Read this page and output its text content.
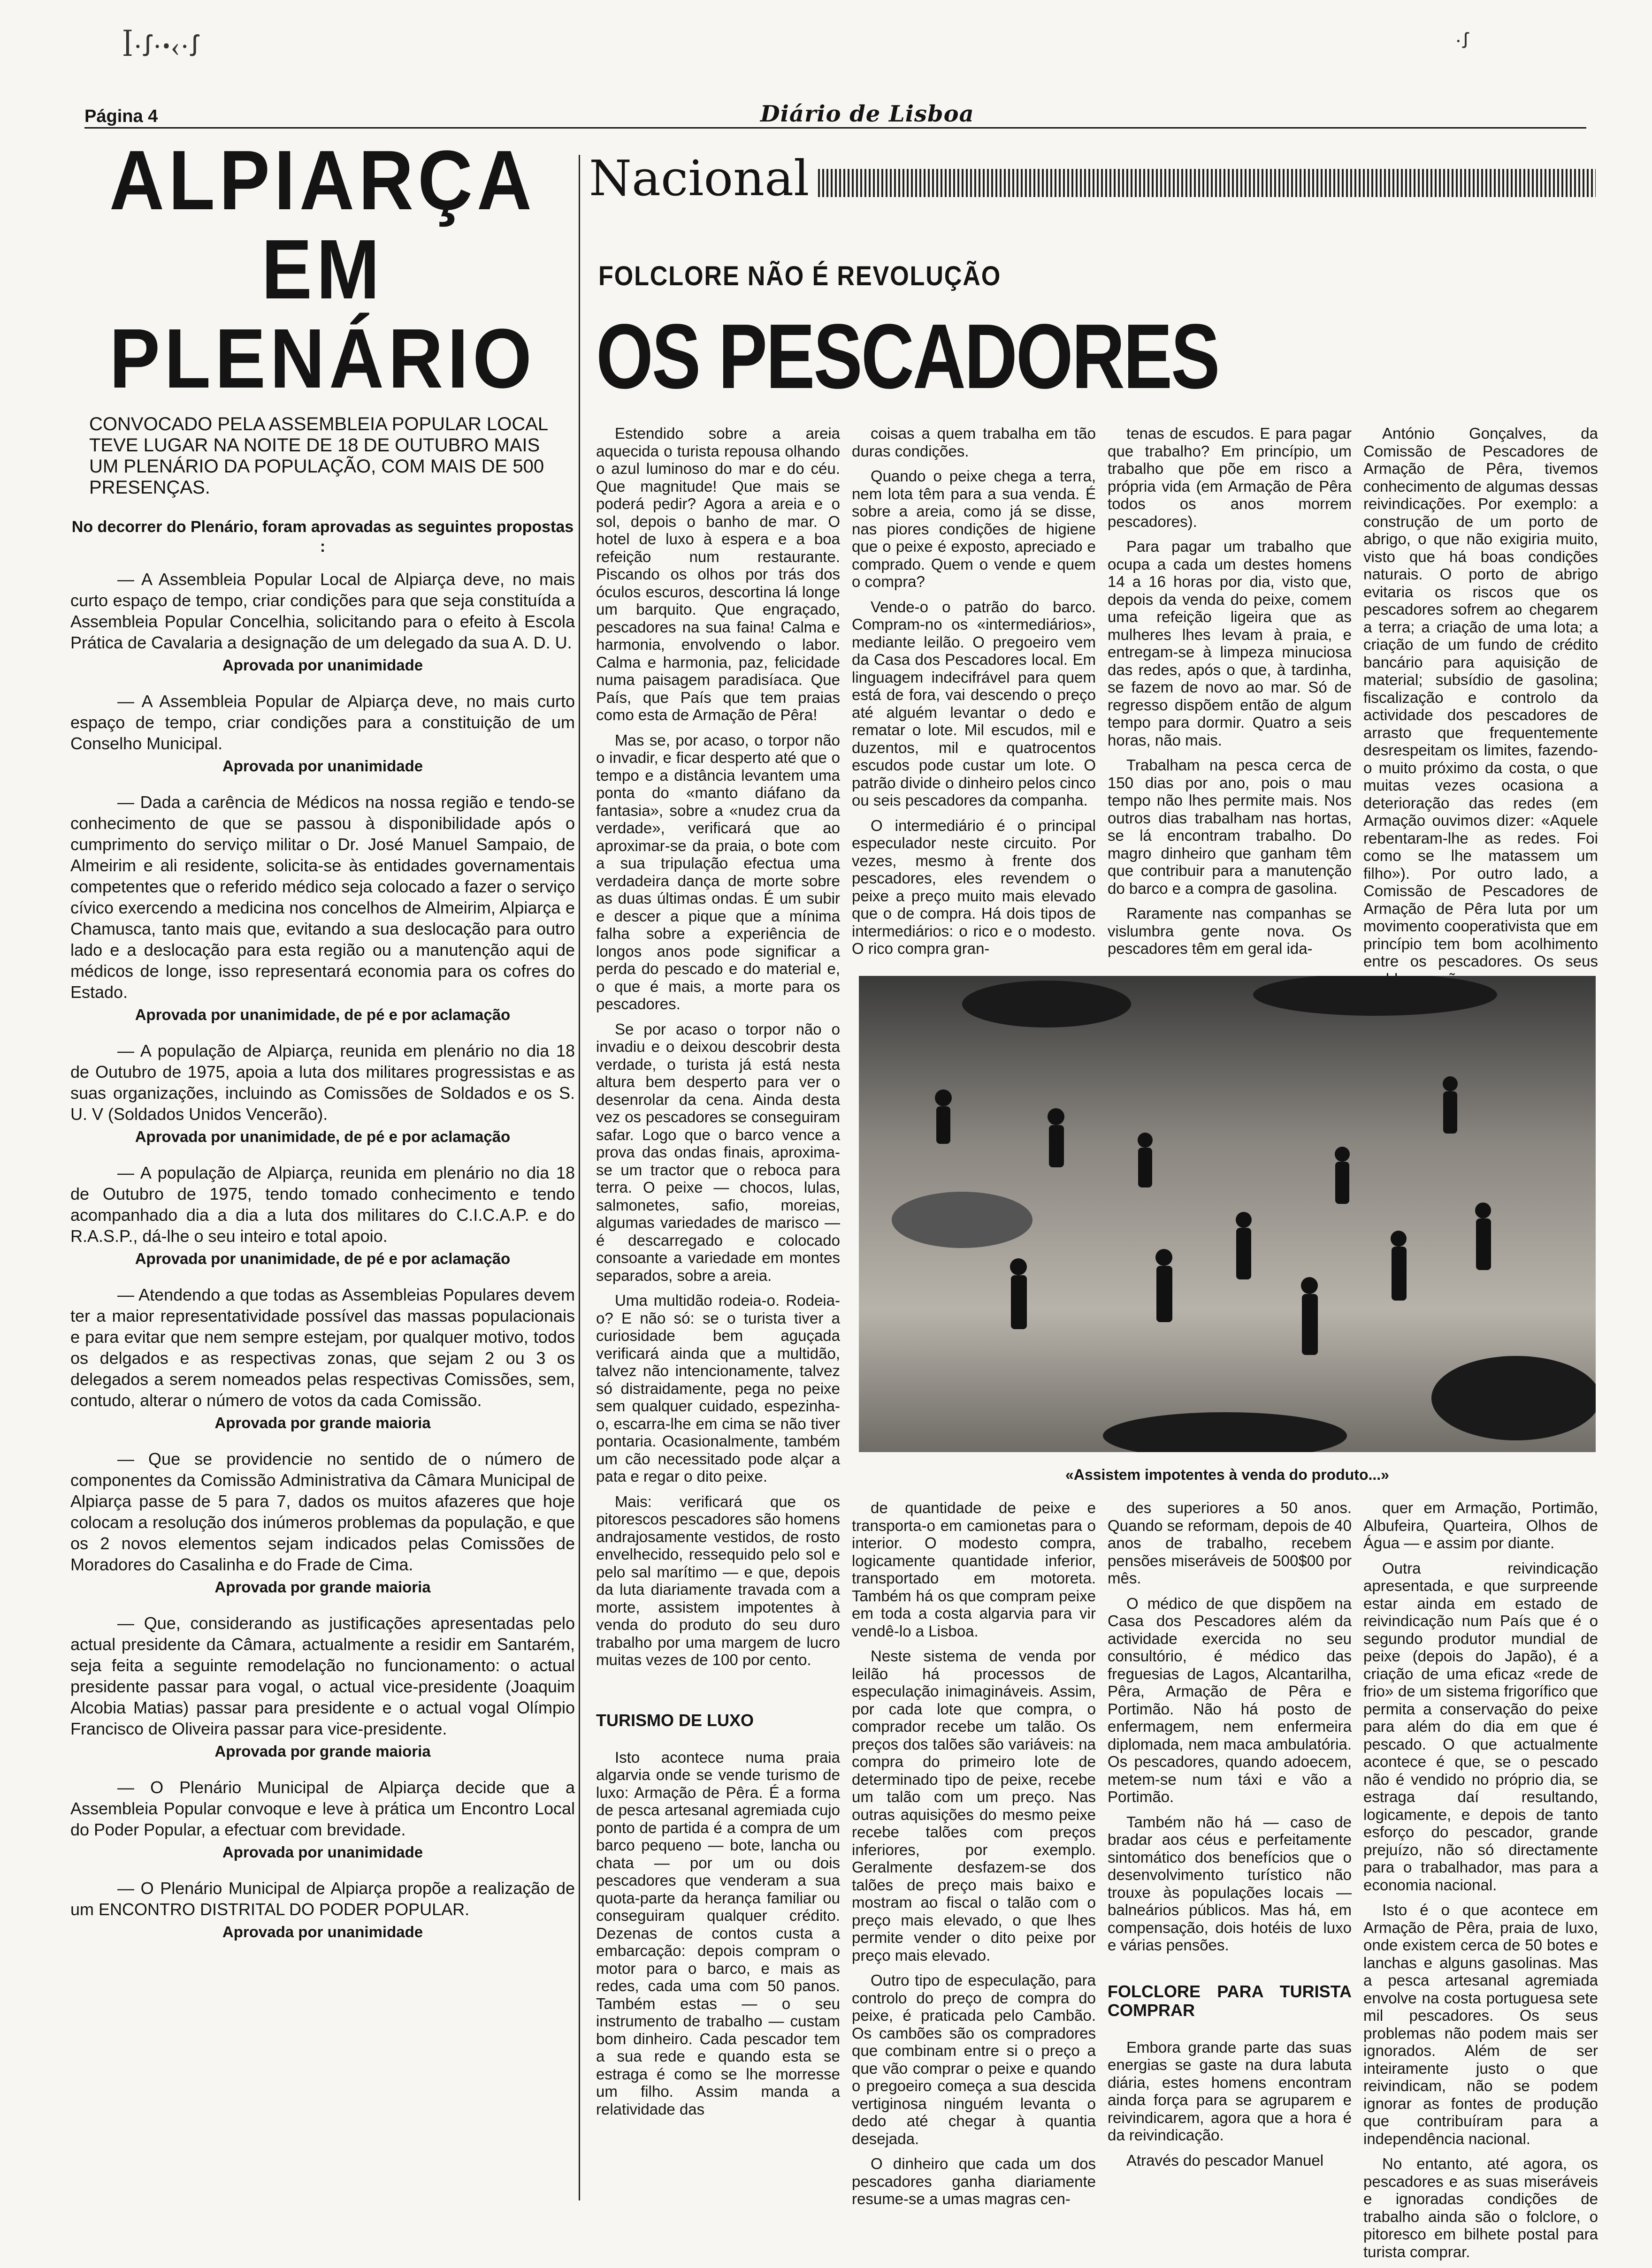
ꟾ·ꭍ·ꞏ‹·ꭍ	·ꭍ
Página 4	Diário de Lisboa
ALPIARÇA
EM PLENÁRIO

CONVOCADO PELA ASSEMBLEIA POPULAR LOCAL TEVE LUGAR NA NOITE DE 18 DE OUTUBRO MAIS UM PLENÁRIO DA POPULAÇÃO, COM MAIS DE 500 PRESENÇAS.

No decorrer do Plenário, foram aprovadas as seguintes propostas :

— A Assembleia Popular Local de Alpiarça deve, no mais curto espaço de tempo, criar condições para que seja constituída a Assembleia Popular Concelhia, solicitando para o efeito à Escola Prática de Cavalaria a designação de um delegado da sua A. D. U.

Aprovada por unanimidade

— A Assembleia Popular de Alpiarça deve, no mais curto espaço de tempo, criar condições para a constituição de um Conselho Municipal.

Aprovada por unanimidade

— Dada a carência de Médicos na nossa região e tendo-se conhecimento de que se passou à disponibilidade após o cumprimento do serviço militar o Dr. José Manuel Sampaio, de Almeirim e ali residente, solicita-se às entidades governamentais competentes que o referido médico seja colocado a fazer o serviço cívico exercendo a medicina nos concelhos de Almeirim, Alpiarça e Chamusca, tanto mais que, evitando a sua deslocação para outro lado e a deslocação para esta região ou a manutenção aqui de médicos de longe, isso representará economia para os cofres do Estado.

Aprovada por unanimidade, de pé e por aclamação

— A população de Alpiarça, reunida em plenário no dia 18 de Outubro de 1975, apoia a luta dos militares progressistas e as suas organizações, incluindo as Comissões de Soldados e os S. U. V (Soldados Unidos Vencerão).

Aprovada por unanimidade, de pé e por aclamação

— A população de Alpiarça, reunida em plenário no dia 18 de Outubro de 1975, tendo tomado conhecimento e tendo acompanhado dia a dia a luta dos militares do C.I.C.A.P. e do R.A.S.P., dá-lhe o seu inteiro e total apoio.

Aprovada por unanimidade, de pé e por aclamação

— Atendendo a que todas as Assembleias Populares devem ter a maior representatividade possível das massas populacionais e para evitar que nem sempre estejam, por qualquer motivo, todos os delgados e as respectivas zonas, que sejam 2 ou 3 os delegados a serem nomeados pelas respectivas Comissões, sem, contudo, alterar o número de votos da cada Comissão.

Aprovada por grande maioria

— Que se providencie no sentido de o número de componentes da Comissão Administrativa da Câmara Municipal de Alpiarça passe de 5 para 7, dados os muitos afazeres que hoje colocam a resolução dos inúmeros problemas da população, e que os 2 novos elementos sejam indicados pelas Comissões de Moradores do Casalinha e do Frade de Cima.

Aprovada por grande maioria

— Que, considerando as justificações apresentadas pelo actual presidente da Câmara, actualmente a residir em Santarém, seja feita a seguinte remodelação no funcionamento: o actual presidente passar para vogal, o actual vice-presidente (Joaquim Alcobia Matias) passar para presidente e o actual vogal Olímpio Francisco de Oliveira passar para vice-presidente.

Aprovada por grande maioria

— O Plenário Municipal de Alpiarça decide que a Assembleia Popular convoque e leve à prática um Encontro Local do Poder Popular, a efectuar com brevidade.

Aprovada por unanimidade

— O Plenário Municipal de Alpiarça propõe a realização de um ENCONTRO DISTRITAL DO PODER POPULAR.

Aprovada por unanimidade

Nacional
FOLCLORE NÃO É REVOLUÇÃO
OS PESCADORES

Estendido sobre a areia aquecida o turista repousa olhando o azul luminoso do mar e do céu. Que magnitude! Que mais se poderá pedir? Agora a areia e o sol, depois o banho de mar. O hotel de luxo à espera e a boa refeição num restaurante. Piscando os olhos por trás dos óculos escuros, descortina lá longe um barquito. Que engraçado, pescadores na sua faina! Calma e harmonia, envolvendo o labor. Calma e harmonia, paz, felicidade numa paisagem paradisíaca. Que País, que País que tem praias como esta de Armação de Pêra!

Mas se, por acaso, o torpor não o invadir, e ficar desperto até que o tempo e a distância levantem uma ponta do «manto diáfano da fantasia», sobre a «nudez crua da verdade», verificará que ao aproximar-se da praia, o bote com a sua tripulação efectua uma verdadeira dança de morte sobre as duas últimas ondas. É um subir e descer a pique que a mínima falha sobre a experiência de longos anos pode significar a perda do pescado e do material e, o que é mais, a morte para os pescadores.

Se por acaso o torpor não o invadiu e o deixou descobrir desta verdade, o turista já está nesta altura bem desperto para ver o desenrolar da cena. Ainda desta vez os pescadores se conseguiram safar. Logo que o barco vence a prova das ondas finais, aproxima-se um tractor que o reboca para terra. O peixe — chocos, lulas, salmonetes, safio, moreias, algumas variedades de marisco — é descarregado e colocado consoante a variedade em montes separados, sobre a areia.

Uma multidão rodeia-o. Rodeia-o? E não só: se o turista tiver a curiosidade bem aguçada verificará ainda que a multidão, talvez não intencionamente, talvez só distraidamente, pega no peixe sem qualquer cuidado, espezinha-o, escarra-lhe em cima se não tiver pontaria. Ocasionalmente, também um cão necessitado pode alçar a pata e regar o dito peixe.

Mais: verificará que os pitorescos pescadores são homens andrajosamente vestidos, de rosto envelhecido, ressequido pelo sol e pelo sal marítimo — e que, depois da luta diariamente travada com a morte, assistem impotentes à venda do produto do seu duro trabalho por uma margem de lucro muitas vezes de 100 por cento.

TURISMO DE LUXO

Isto acontece numa praia algarvia onde se vende turismo de luxo: Armação de Pêra. É a forma de pesca artesanal agremiada cujo ponto de partida é a compra de um barco pequeno — bote, lancha ou chata — por um ou dois pescadores que venderam a sua quota-parte da herança familiar ou conseguiram qualquer crédito. Dezenas de contos custa a embarcação: depois compram o motor para o barco, e mais as redes, cada uma com 50 panos. Também estas — o seu instrumento de trabalho — custam bom dinheiro. Cada pescador tem a sua rede e quando esta se estraga é como se lhe morresse um filho. Assim manda a relatividade das

coisas a quem trabalha em tão duras condições.

Quando o peixe chega a terra, nem lota têm para a sua venda. É sobre a areia, como já se disse, nas piores condições de higiene que o peixe é exposto, apreciado e comprado. Quem o vende e quem o compra?

Vende-o o patrão do barco. Compram-no os «intermediários», mediante leilão. O pregoeiro vem da Casa dos Pescadores local. Em linguagem indecifrável para quem está de fora, vai descendo o preço até alguém levantar o dedo e rematar o lote. Mil escudos, mil e duzentos, mil e quatrocentos escudos pode custar um lote. O patrão divide o dinheiro pelos cinco ou seis pescadores da companha.

O intermediário é o principal especulador neste circuito. Por vezes, mesmo à frente dos pescadores, eles revendem o peixe a preço muito mais elevado que o de compra. Há dois tipos de intermediários: o rico e o modesto. O rico compra gran-

de quantidade de peixe e transporta-o em camionetas para o interior. O modesto compra, logicamente quantidade inferior, transportado em motoreta. Também há os que compram peixe em toda a costa algarvia para vir vendê-lo a Lisboa.

Neste sistema de venda por leilão há processos de especulação inimagináveis. Assim, por cada lote que compra, o comprador recebe um talão. Os preços dos talões são variáveis: na compra do primeiro lote de determinado tipo de peixe, recebe um talão com um preço. Nas outras aquisições do mesmo peixe recebe talões com preços inferiores, por exemplo. Geralmente desfazem-se dos talões de preço mais baixo e mostram ao fiscal o talão com o preço mais elevado, o que lhes permite vender o dito peixe por preço mais elevado.

Outro tipo de especulação, para controlo do preço de compra do peixe, é praticada pelo Cambão. Os cambões são os compradores que combinam entre si o preço a que vão comprar o peixe e quando o pregoeiro começa a sua descida vertiginosa ninguém levanta o dedo até chegar à quantia desejada.

O dinheiro que cada um dos pescadores ganha diariamente resume-se a umas magras cen-

tenas de escudos. E para pagar que trabalho? Em princípio, um trabalho que põe em risco a própria vida (em Armação de Pêra todos os anos morrem pescadores).

Para pagar um trabalho que ocupa a cada um destes homens 14 a 16 horas por dia, visto que, depois da venda do peixe, comem uma refeição ligeira que as mulheres lhes levam à praia, e entregam-se à limpeza minuciosa das redes, após o que, à tardinha, se fazem de novo ao mar. Só de regresso dispõem então de algum tempo para dormir. Quatro a seis horas, não mais.

Trabalham na pesca cerca de 150 dias por ano, pois o mau tempo não lhes permite mais. Nos outros dias trabalham nas hortas, se lá encontram trabalho. Do magro dinheiro que ganham têm que contribuir para a manutenção do barco e a compra de gasolina.

Raramente nas companhas se vislumbra gente nova. Os pescadores têm em geral ida-

des superiores a 50 anos. Quando se reformam, depois de 40 anos de trabalho, recebem pensões miseráveis de 500$00 por mês.

O médico de que dispõem na Casa dos Pescadores além da actividade exercida no seu consultório, é médico das freguesias de Lagos, Alcantarilha, Pêra, Armação de Pêra e Portimão. Não há posto de enfermagem, nem enfermeira diplomada, nem maca ambulatória. Os pescadores, quando adoecem, metem-se num táxi e vão a Portimão.

Também não há — caso de bradar aos céus e perfeitamente sintomático dos benefícios que o desenvolvimento turístico não trouxe às populações locais — balneários públicos. Mas há, em compensação, dois hotéis de luxo e várias pensões.

FOLCLORE PARA TURISTA COMPRAR

Embora grande parte das suas energias se gaste na dura labuta diária, estes homens encontram ainda força para se agruparem e reivindicarem, agora que a hora é da reivindicação.

Através do pescador Manuel

António Gonçalves, da Comissão de Pescadores de Armação de Pêra, tivemos conhecimento de algumas dessas reivindicações. Por exemplo: a construção de um porto de abrigo, o que não exigiria muito, visto que há boas condições naturais. O porto de abrigo evitaria os riscos que os pescadores sofrem ao chegarem a terra; a criação de uma lota; a criação de um fundo de crédito bancário para aquisição de material; subsídio de gasolina; fiscalização e controlo da actividade dos pescadores de arrasto que frequentemente desrespeitam os limites, fazendo-o muito próximo da costa, o que muitas vezes ocasiona a deterioração das redes (em Armação ouvimos dizer: «Aquele rebentaram-lhe as redes. Foi como se lhe matassem um filho»). Por outro lado, a Comissão de Pescadores de Armação de Pêra luta por um movimento cooperativista que em princípio tem bom acolhimento entre os pescadores. Os seus

quer em Armação, Portimão, Albufeira, Quarteira, Olhos de Água — e assim por diante.

Outra reivindicação apresentada, e que surpreende estar ainda em estado de reivindicação num País que é o segundo produtor mundial de peixe (depois do Japão), é a criação de uma eficaz «rede de frio» de um sistema frigorífico que permita a conservação do peixe para além do dia em que é pescado. O que actualmente acontece é que, se o pescado não é vendido no próprio dia, se estraga daí resultando, logicamente, e depois de tanto esforço do pescador, grande prejuízo, não só directamente para o trabalhador, mas para a economia nacional.

Isto é o que acontece em Armação de Pêra, praia de luxo, onde existem cerca de 50 botes e lanchas e alguns gasolinas. Mas a pesca artesanal agremiada envolve na costa portuguesa sete mil pescadores. Os seus problemas não podem mais ser ignorados. Além de ser inteiramente justo o que reivindicam, não se podem ignorar as fontes de produção que contribuíram para a independência nacional.

No entanto, até agora, os pescadores e as suas miseráveis e ignoradas condições de trabalho ainda são o folclore, o pitoresco em bilhete postal para turista comprar.

«Assistem impotentes à venda do produto...»
